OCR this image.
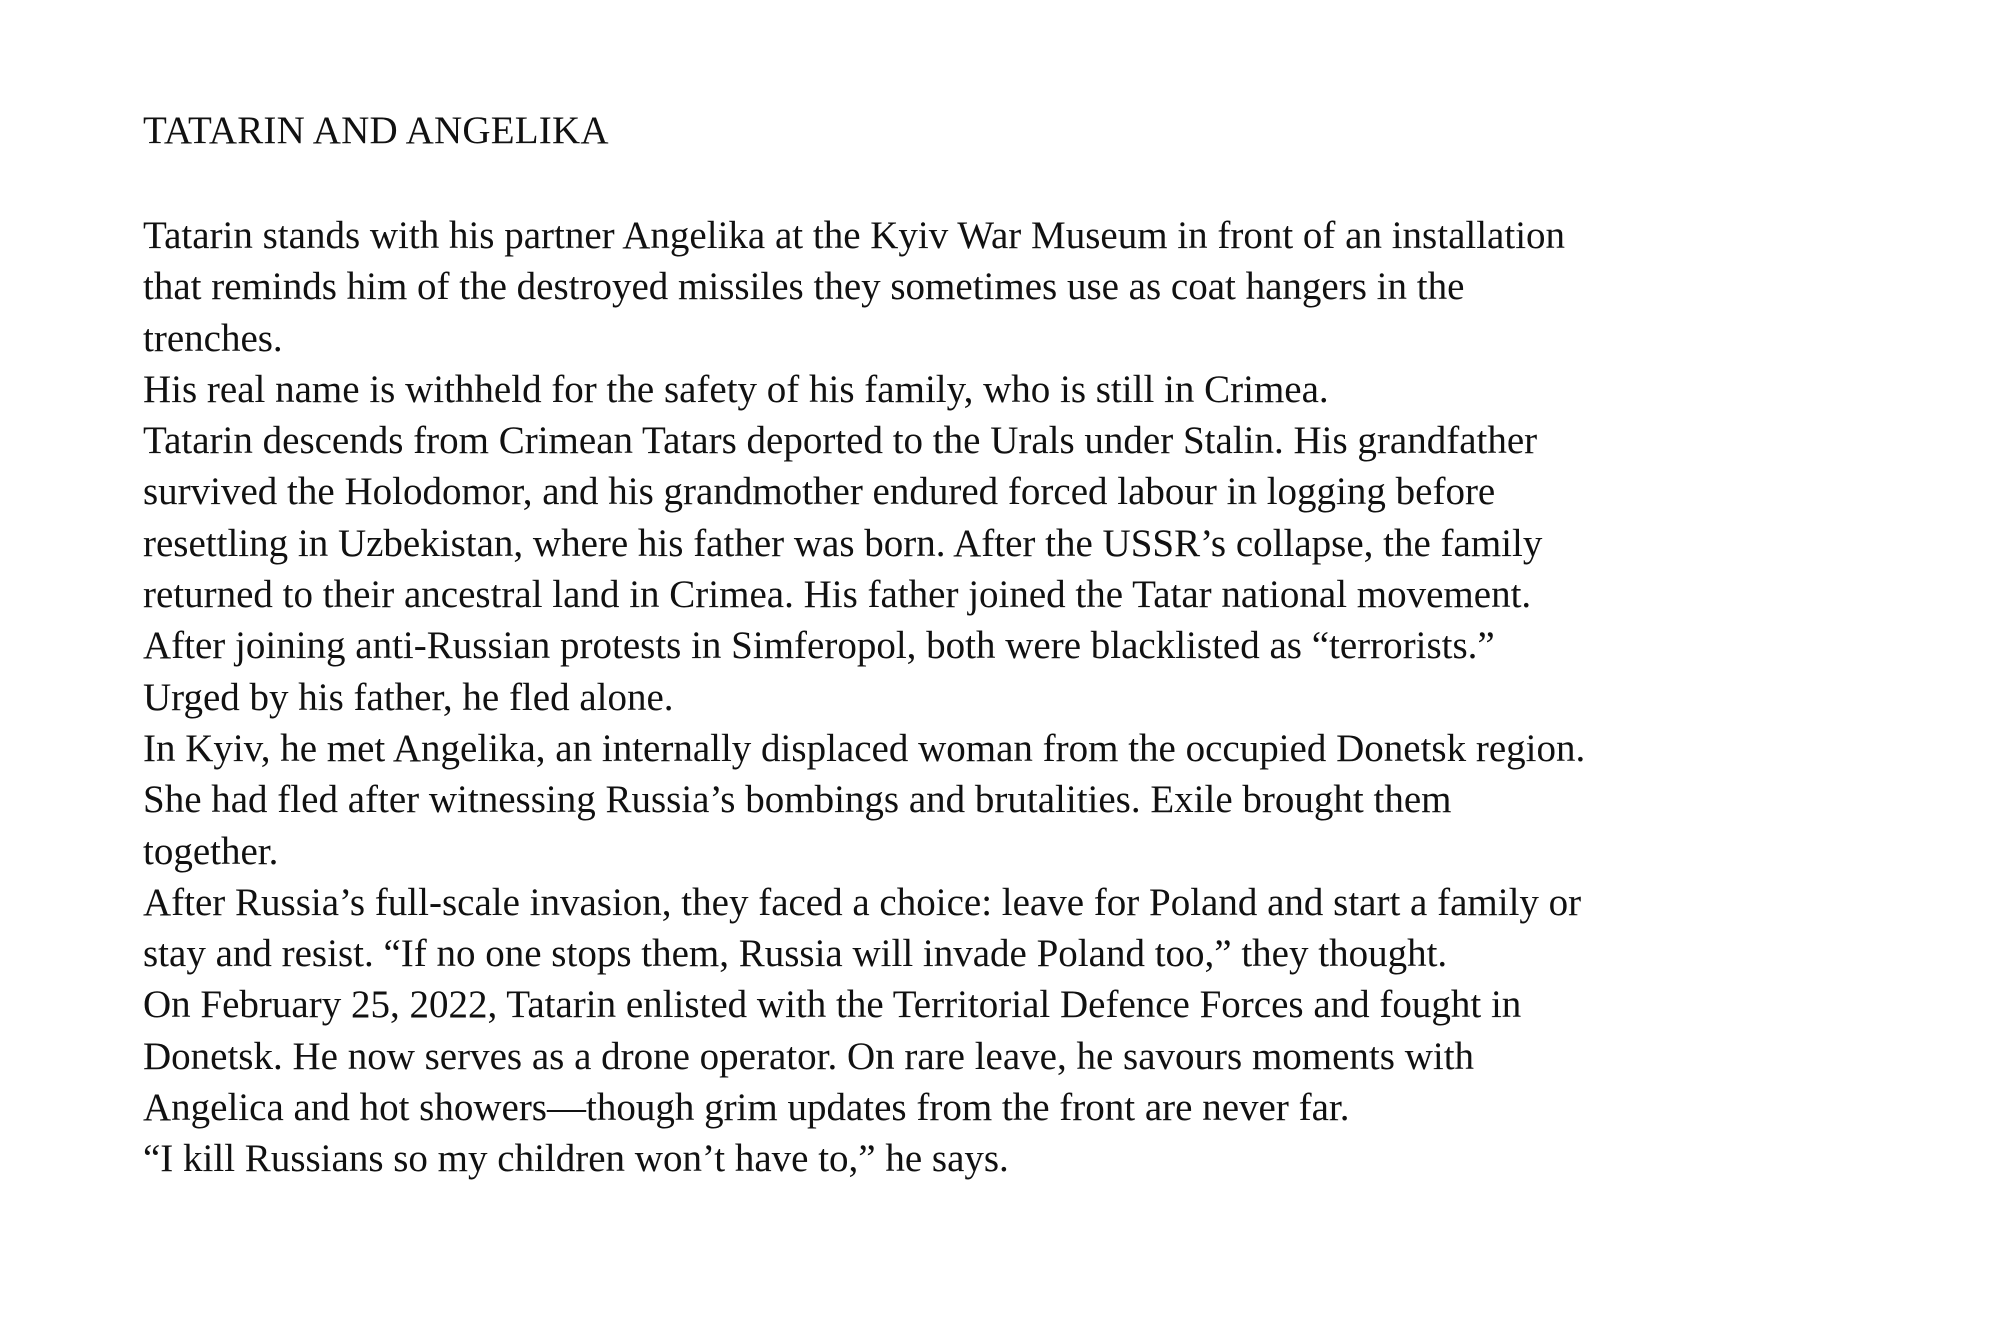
TATARIN AND ANGELIKA
Tatarin stands with his partner Angelika at the Kyiv War Museum in front of an installation
that reminds him of the destroyed missiles they sometimes use as coat hangers in the
trenches.
His real name is withheld for the safety of his family, who is still in Crimea.
Tatarin descends from Crimean Tatars deported to the Urals under Stalin. His grandfather
survived the Holodomor, and his grandmother endured forced labour in logging before
resettling in Uzbekistan, where his father was born. After the USSR’s collapse, the family
returned to their ancestral land in Crimea. His father joined the Tatar national movement.
After joining anti-Russian protests in Simferopol, both were blacklisted as “terrorists.”
Urged by his father, he fled alone.
In Kyiv, he met Angelika, an internally displaced woman from the occupied Donetsk region.
She had fled after witnessing Russia’s bombings and brutalities. Exile brought them
together.
After Russia’s full-scale invasion, they faced a choice: leave for Poland and start a family or
stay and resist. “If no one stops them, Russia will invade Poland too,” they thought.
On February 25, 2022, Tatarin enlisted with the Territorial Defence Forces and fought in
Donetsk. He now serves as a drone operator. On rare leave, he savours moments with
Angelica and hot showers—though grim updates from the front are never far.
“I kill Russians so my children won’t have to,” he says.
